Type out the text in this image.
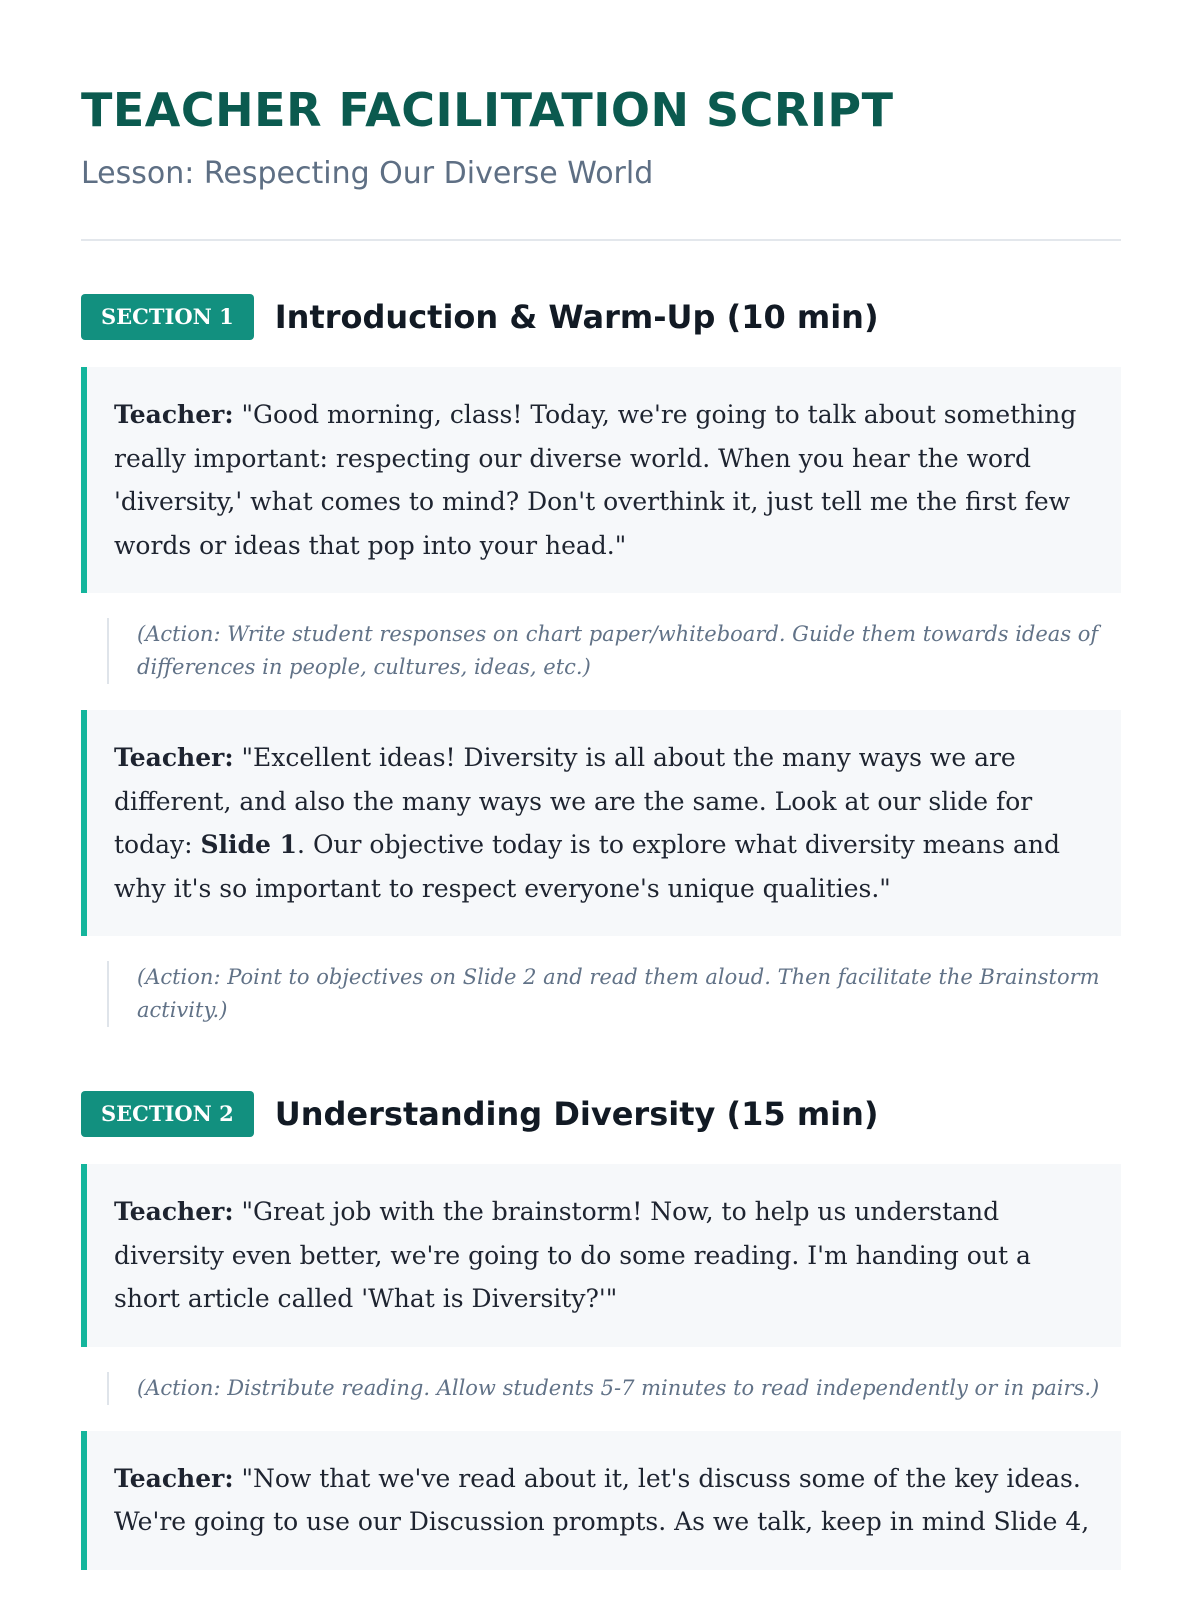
TEACHER FACILITATION SCRIPT
Lesson: Respecting Our Diverse World
SECTION 1	Introduction & Warm-Up (10 min)
Teacher: "Good morning, class! Today, we're going to talk about something really important: respecting our diverse world. When you hear the word 'diversity,' what comes to mind? Don't overthink it, just tell me the first few words or ideas that pop into your head."
(Action: Write student responses on chart paper/whiteboard. Guide them towards ideas of differences in people, cultures, ideas, etc.)
Teacher: "Excellent ideas! Diversity is all about the many ways we are different, and also the many ways we are the same. Look at our slide for today: Slide 1. Our objective today is to explore what diversity means and why it's so important to respect everyone's unique qualities."
(Action: Point to objectives on Slide 2 and read them aloud. Then facilitate the Brainstorm activity.)
SECTION 2	Understanding Diversity (15 min)
Teacher: "Great job with the brainstorm! Now, to help us understand diversity even better, we're going to do some reading. I'm handing out a short article called 'What is Diversity?'"
(Action: Distribute reading. Allow students 5-7 minutes to read independently or in pairs.)
Teacher: "Now that we've read about it, let's discuss some of the key ideas. We're going to use our Discussion prompts. As we talk, keep in mind Slide 4,
